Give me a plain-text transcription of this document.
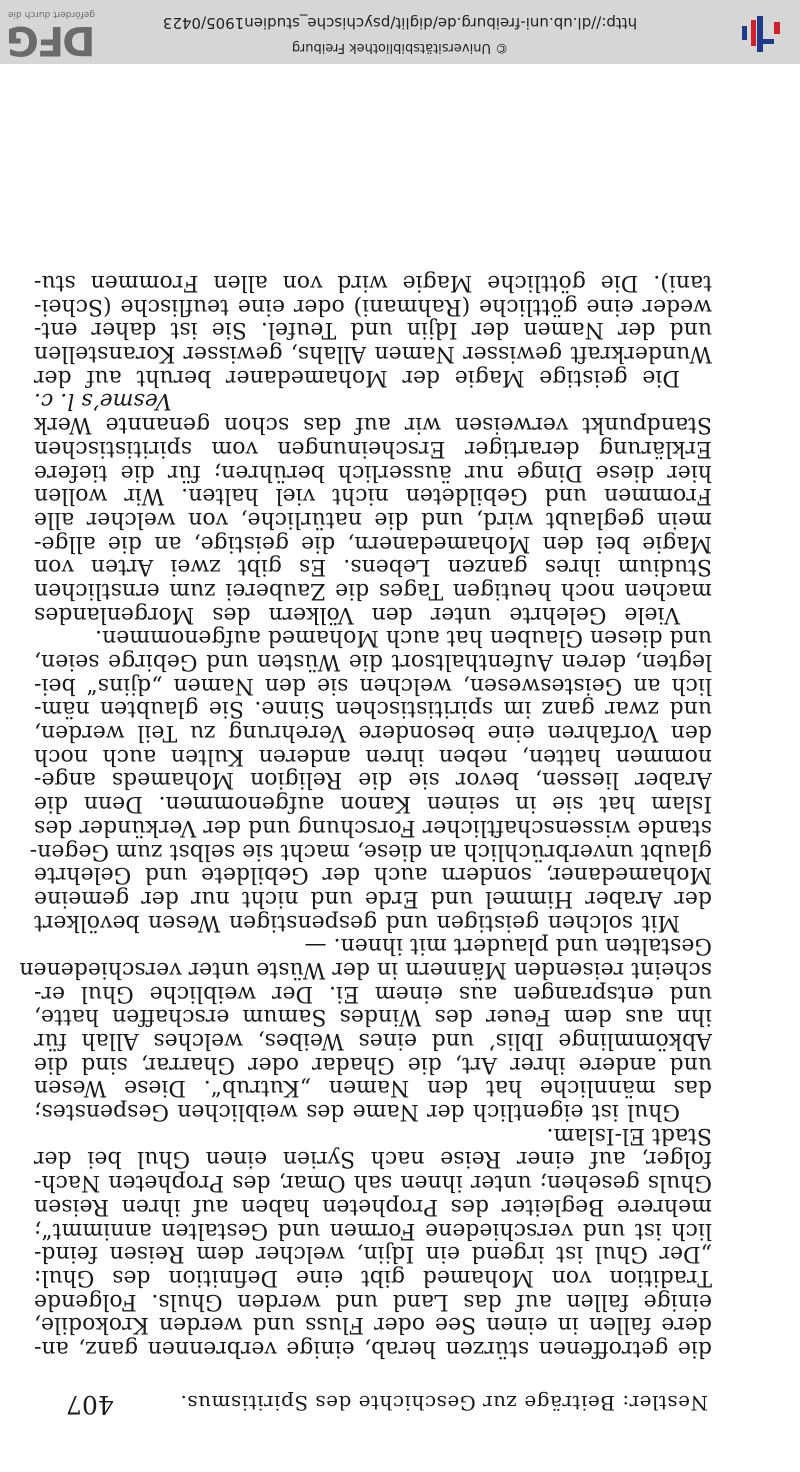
Nestler: Beiträge zur Geschichte des Spiritismus.
407
die getroffenen stürzen herab, einige verbrennen ganz, an-
dere fallen in einen See oder Fluss und werden Krokodile,
einige fallen auf das Land und werden Ghuls. Folgende
Tradition von Mohamed gibt eine Definition des Ghul:
„Der Ghul ist irgend ein Idjin, welcher dem Reisen feind-
lich ist und verschiedene Formen und Gestalten annimmt“;
mehrere Begleiter des Propheten haben auf ihren Reisen
Ghuls gesehen; unter ihnen sah Omar, des Propheten Nach-
folger, auf einer Reise nach Syrien einen Ghul bei der
Stadt El-Islam.
Ghul ist eigentlich der Name des weiblichen Gespenstes;
das männliche hat den Namen „Kutrub“. Diese Wesen
und andere ihrer Art, die Ghadar oder Gharrar, sind die
Abkömmlinge Iblis’ und eines Weibes, welches Allah für
ihn aus dem Feuer des Windes Samum erschaffen hatte,
und entsprangen aus einem Ei. Der weibliche Ghul er-
scheint reisenden Männern in der Wüste unter verschiedenen
Gestalten und plaudert mit ihnen. —
Mit solchen geistigen und gespenstigen Wesen bevölkert
der Araber Himmel und Erde und nicht nur der gemeine
Mohamedaner, sondern auch der Gebildete und Gelehrte
glaubt unverbrüchlich an diese, macht sie selbst zum Gegen-
stande wissenschaftlicher Forschung und der Verkünder des
Islam hat sie in seinen Kanon aufgenommen. Denn die
Araber liessen, bevor sie die Religion Mohameds ange-
nommen hatten, neben ihren anderen Kulten auch noch
den Vorfahren eine besondere Verehrung zu Teil werden,
und zwar ganz im spiritistischen Sinne. Sie glaubten näm-
lich an Geisteswesen, welchen sie den Namen „djins“ bei-
legten, deren Aufenthaltsort die Wüsten und Gebirge seien,
und diesen Glauben hat auch Mohamed aufgenommen.
Viele Gelehrte unter den Völkern des Morgenlandes
machen noch heutigen Tages die Zauberei zum ernstlichen
Studium ihres ganzen Lebens. Es gibt zwei Arten von
Magie bei den Mohamedanern, die geistige, an die allge-
mein geglaubt wird, und die natürliche, von welcher alle
Frommen und Gebildeten nicht viel halten. Wir wollen
hier diese Dinge nur äusserlich berühren; für die tiefere
Erklärung derartiger Erscheinungen vom spiritistischen
Standpunkt verweisen wir auf das schon genannte Werk
Vesme’s l. c.
Die geistige Magie der Mohamedaner beruht auf der
Wunderkraft gewisser Namen Allahs, gewisser Koranstellen
und der Namen der Idjin und Teufel. Sie ist daher ent-
weder eine göttliche (Rahmani) oder eine teuflische (Schei-
tani). Die göttliche Magie wird von allen Frommen stu-
© Universitätsbibliothek Freiburg
http://dl.ub.uni-freiburg.de/diglit/psychische_studien1905/0423
DFG
gefördert durch die
